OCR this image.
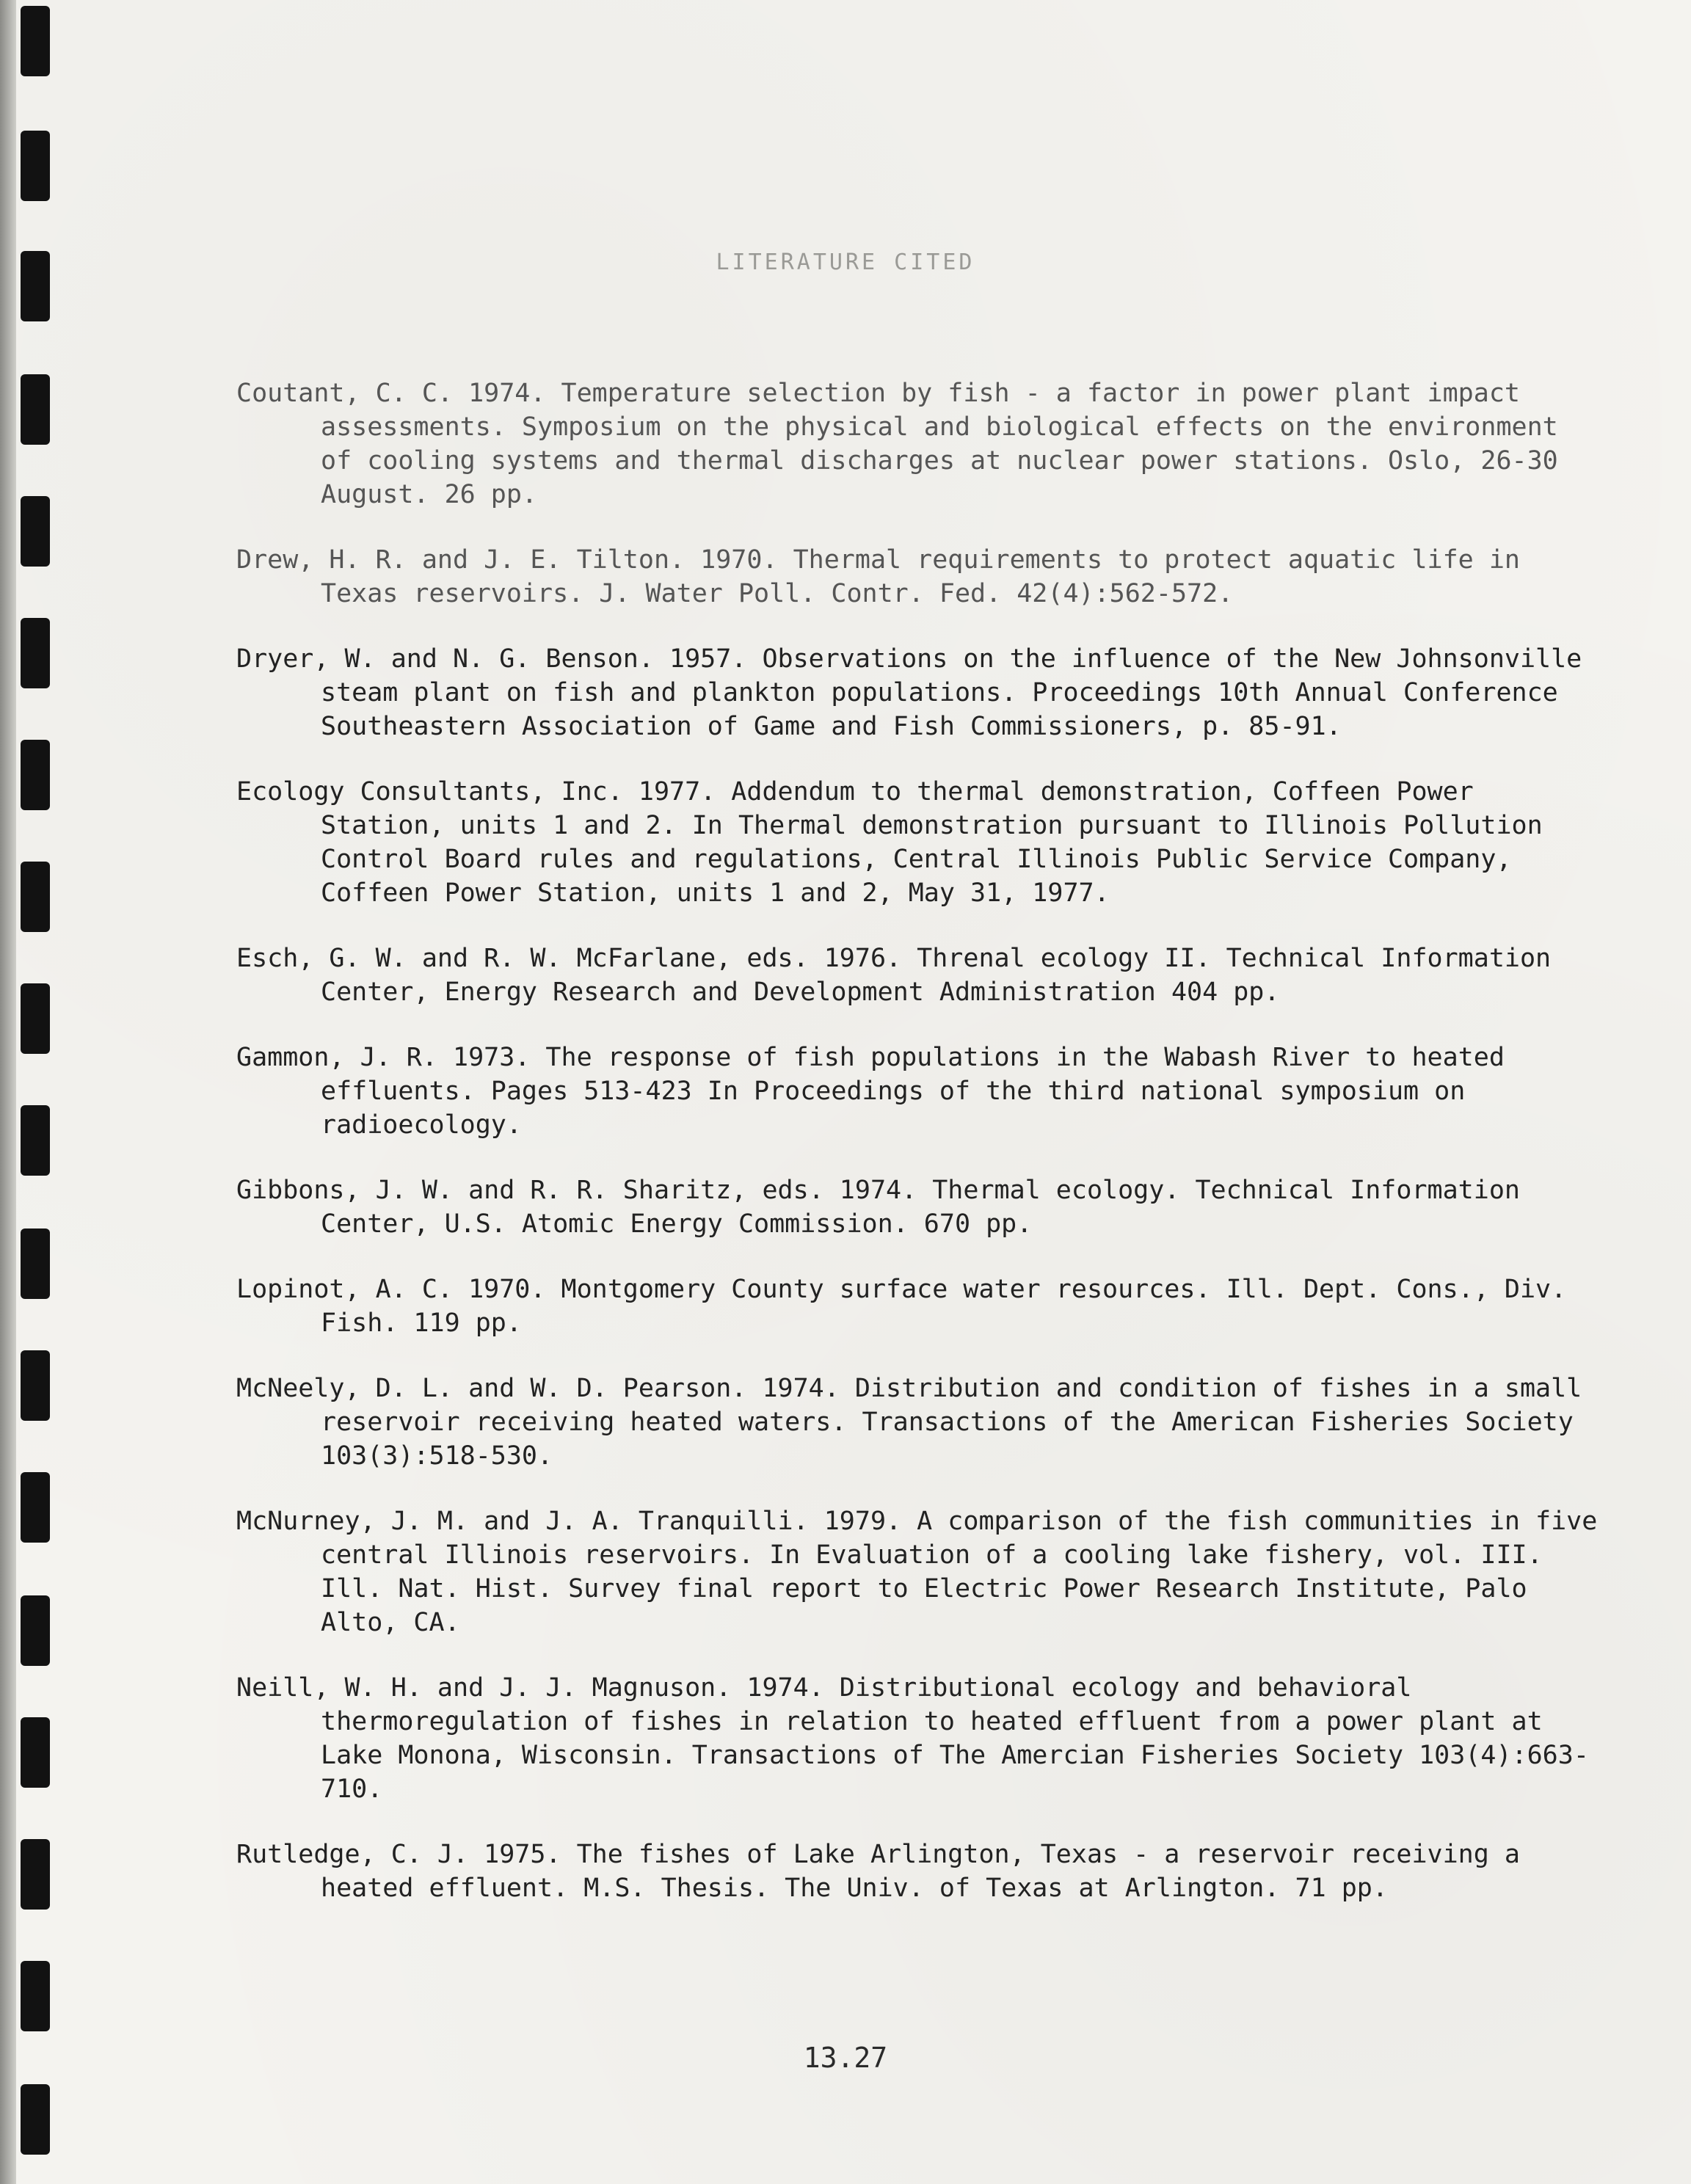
LITERATURE CITED

Coutant, C. C. 1974. Temperature selection by fish - a factor in power plant impact assessments. Symposium on the physical and biological effects on the environment of cooling systems and thermal discharges at nuclear power stations. Oslo, 26-30 August. 26 pp.

Drew, H. R. and J. E. Tilton. 1970. Thermal requirements to protect aquatic life in Texas reservoirs. J. Water Poll. Contr. Fed. 42(4):562-572.

Dryer, W. and N. G. Benson. 1957. Observations on the influence of the New Johnsonville steam plant on fish and plankton populations. Proceedings 10th Annual Conference Southeastern Association of Game and Fish Commissioners, p. 85-91.

Ecology Consultants, Inc. 1977. Addendum to thermal demonstration, Coffeen Power Station, units 1 and 2. In Thermal demonstration pursuant to Illinois Pollution Control Board rules and regulations, Central Illinois Public Service Company, Coffeen Power Station, units 1 and 2, May 31, 1977.

Esch, G. W. and R. W. McFarlane, eds. 1976. Threnal ecology II. Technical Information Center, Energy Research and Development Administration 404 pp.

Gammon, J. R. 1973. The response of fish populations in the Wabash River to heated effluents. Pages 513-423 In Proceedings of the third national symposium on radioecology.

Gibbons, J. W. and R. R. Sharitz, eds. 1974. Thermal ecology. Technical Information Center, U.S. Atomic Energy Commission. 670 pp.

Lopinot, A. C. 1970. Montgomery County surface water resources. Ill. Dept. Cons., Div. Fish. 119 pp.

McNeely, D. L. and W. D. Pearson. 1974. Distribution and condition of fishes in a small reservoir receiving heated waters. Transactions of the American Fisheries Society 103(3):518-530.

McNurney, J. M. and J. A. Tranquilli. 1979. A comparison of the fish communities in five central Illinois reservoirs. In Evaluation of a cooling lake fishery, vol. III. Ill. Nat. Hist. Survey final report to Electric Power Research Institute, Palo Alto, CA.

Neill, W. H. and J. J. Magnuson. 1974. Distributional ecology and behavioral thermoregulation of fishes in relation to heated effluent from a power plant at Lake Monona, Wisconsin. Transactions of The Amercian Fisheries Society 103(4):663-710.

Rutledge, C. J. 1975. The fishes of Lake Arlington, Texas - a reservoir receiving a heated effluent. M.S. Thesis. The Univ. of Texas at Arlington. 71 pp.

13.27
